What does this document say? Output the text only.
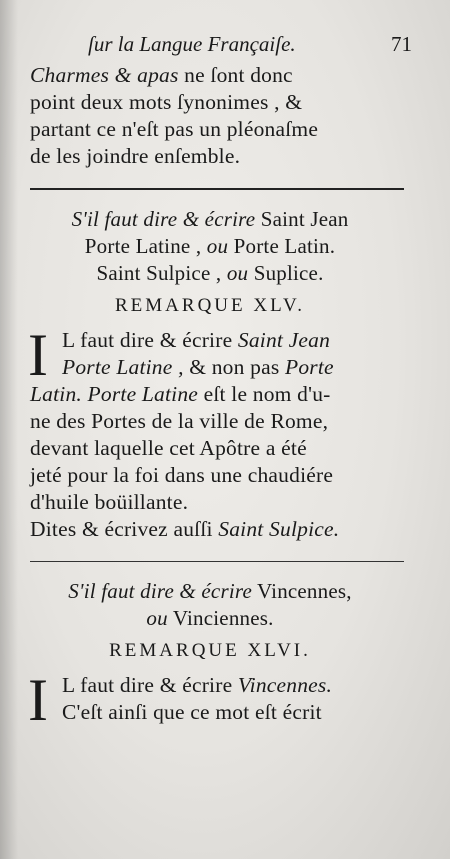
ſur la Langue Françaiſe.	71
Charmes & apas ne ſont donc
point deux mots ſynonimes , &
partant ce n'eſt pas un pléonaſme
de les joindre enſemble.
S'il faut dire & écrire Saint Jean
Porte Latine , ou Porte Latin.
Saint Sulpice , ou Suplice.
REMARQUE XLV.
I L faut dire & écrire Saint Jean
Porte Latine , & non pas Porte
Latin. Porte Latine eſt le nom d'u-
ne des Portes de la ville de Rome,
devant laquelle cet Apôtre a été
jeté pour la foi dans une chaudiére
d'huile boüillante.
Dites & écrivez auſſi Saint Sulpice.
S'il faut dire & écrire Vincennes,
ou Vinciennes.
REMARQUE XLVI.
I L faut dire & écrire Vincennes.
C'eſt ainſi que ce mot eſt écrit
